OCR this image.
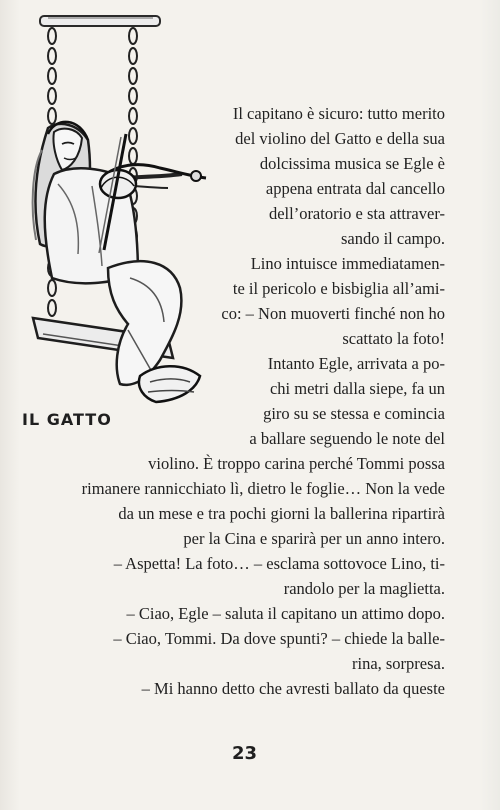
IL GATTO
Il capitano è sicuro: tutto merito
del violino del Gatto e della sua
dolcissima musica se Egle è
appena entrata dal cancello
dell’oratorio e sta attraver-
sando il campo.
Lino intuisce immediatamen-
te il pericolo e bisbiglia all’ami-
co: – Non muoverti finché non ho
scattato la foto!
Intanto Egle, arrivata a po-
chi metri dalla siepe, fa un
giro su se stessa e comincia
a ballare seguendo le note del
violino. È troppo carina perché Tommi possa
rimanere rannicchiato lì, dietro le foglie… Non la vede
da un mese e tra pochi giorni la ballerina ripartirà
per la Cina e sparirà per un anno intero.
– Aspetta! La foto… – esclama sottovoce Lino, ti-
randolo per la maglietta.
– Ciao, Egle – saluta il capitano un attimo dopo.
– Ciao, Tommi. Da dove spunti? – chiede la balle-
rina, sorpresa.
– Mi hanno detto che avresti ballato da queste
23
